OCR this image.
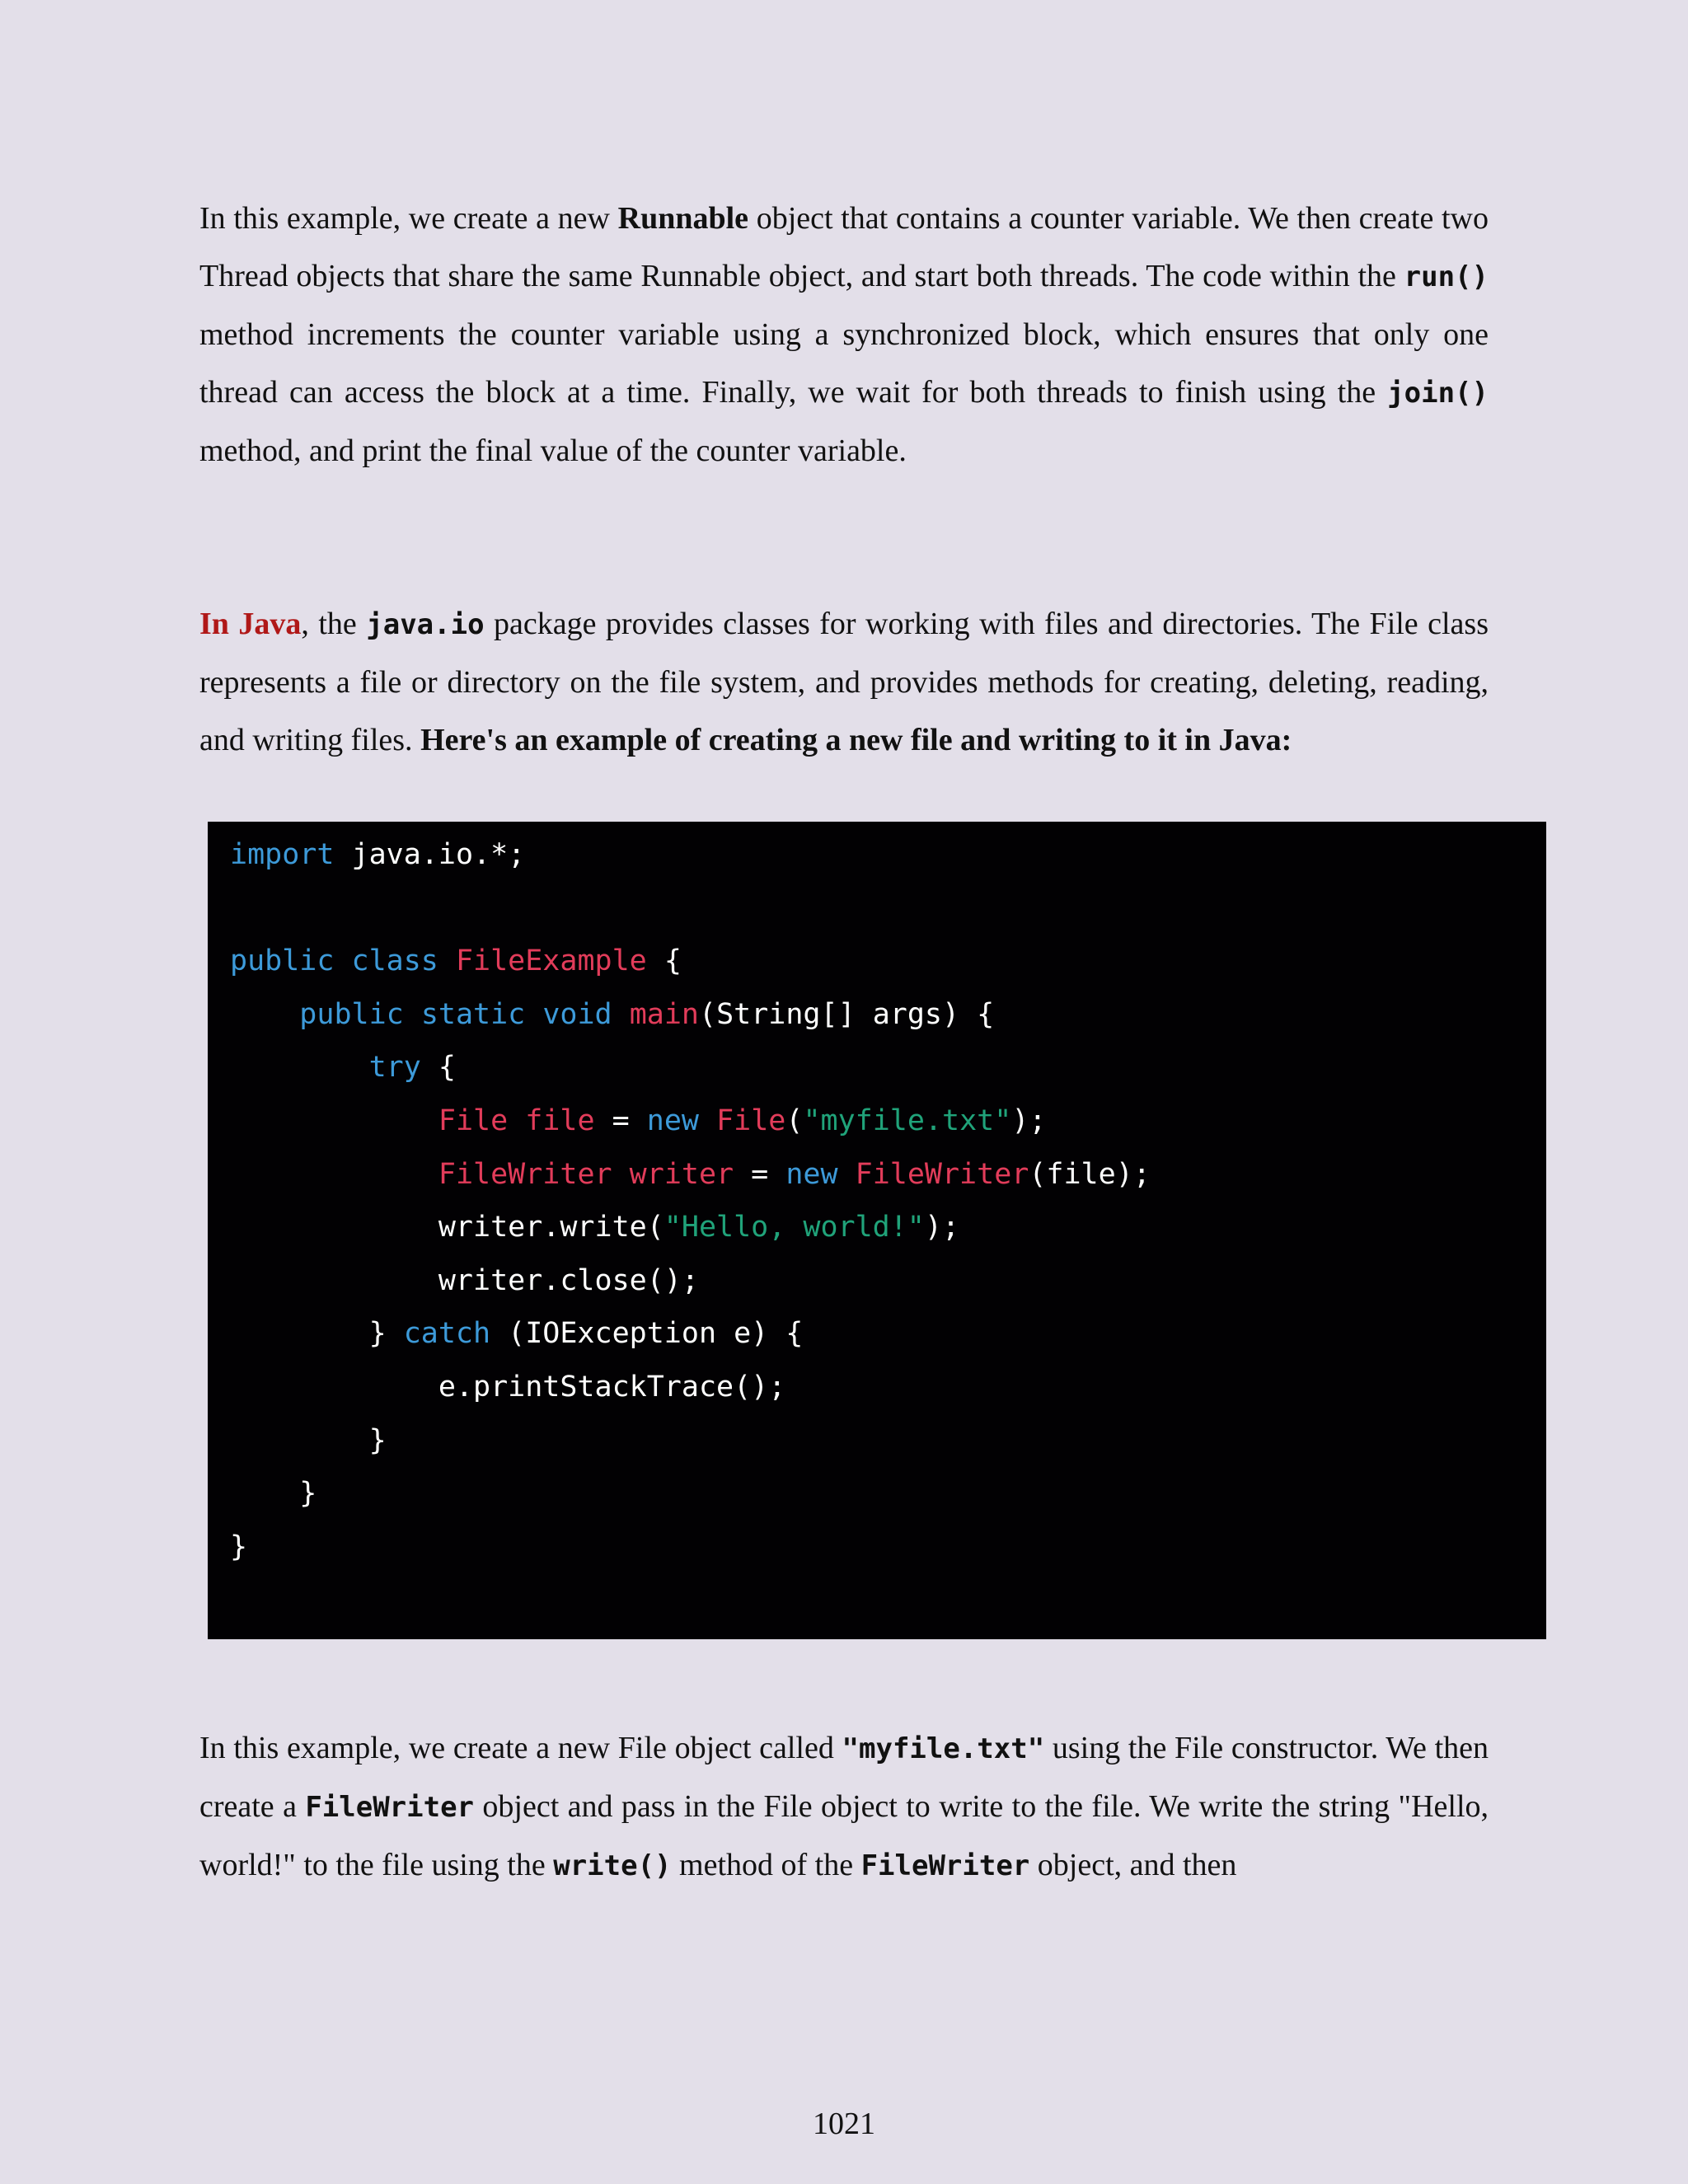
In this example, we create a new Runnable object that contains a counter variable. We then create two Thread objects that share the same Runnable object, and start both threads. The code within the run() method increments the counter variable using a synchronized block, which ensures that only one thread can access the block at a time. Finally, we wait for both threads to finish using the join() method, and print the final value of the counter variable.

In Java, the java.io package provides classes for working with files and directories. The File class represents a file or directory on the file system, and provides methods for creating, deleting, reading, and writing files. Here's an example of creating a new file and writing to it in Java:

import java.io.*;
public class FileExample {
public static void main(String[] args) {
try {
File file = new File("myfile.txt");
FileWriter writer = new FileWriter(file);
writer.write("Hello, world!");
writer.close();
} catch (IOException e) {
e.printStackTrace();
}
}
}

In this example, we create a new File object called "myfile.txt" using the File constructor. We then create a FileWriter object and pass in the File object to write to the file. We write the string "Hello, world!" to the file using the write() method of the FileWriter object, and then

1021
